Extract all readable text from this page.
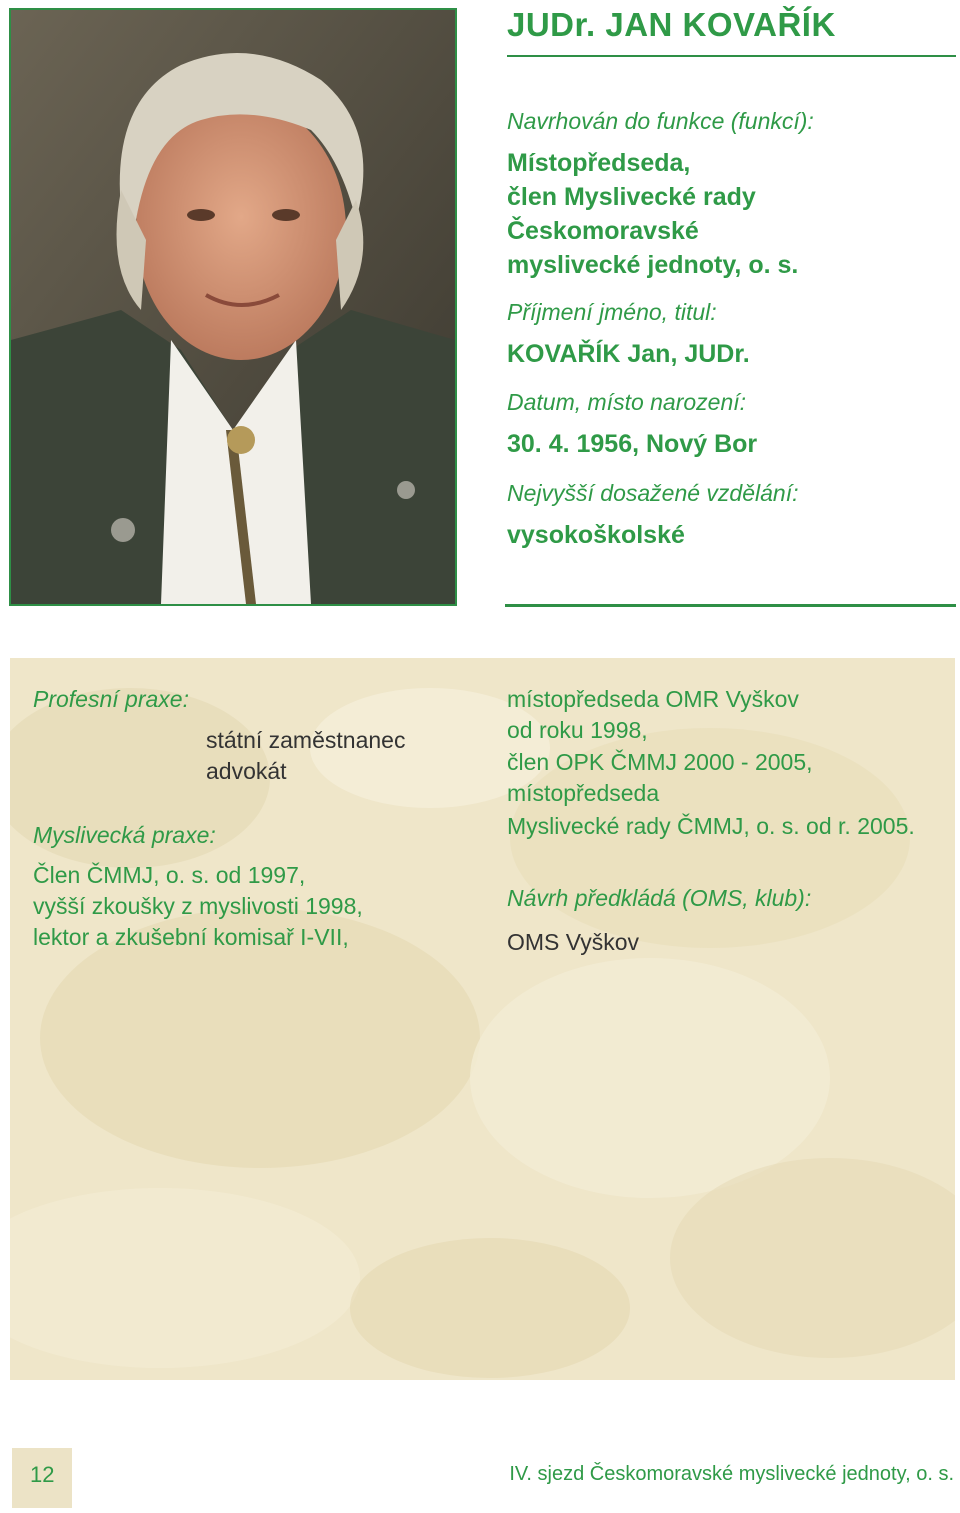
JUDr. JAN KOVAŘÍK
Navrhován do funkce (funkcí):
Místopředseda,
člen Myslivecké rady
Českomoravské
myslivecké jednoty, o. s.
Příjmení jméno, titul:
KOVAŘÍK Jan, JUDr.
Datum, místo narození:
30. 4. 1956, Nový Bor
Nejvyšší dosažené vzdělání:
vysokoškolské
Profesní praxe:
státní zaměstnanec
advokát
Myslivecká praxe:
Člen ČMMJ, o. s. od 1997,
vyšší zkoušky z myslivosti 1998,
lektor a zkušební komisař I-VII,
místopředseda OMR Vyškov
od roku 1998,
člen OPK ČMMJ 2000 - 2005,
místopředseda
Myslivecké rady ČMMJ, o. s. od r. 2005.
Návrh předkládá (OMS, klub):
OMS Vyškov
12	IV. sjezd Českomoravské myslivecké jednoty, o. s.
